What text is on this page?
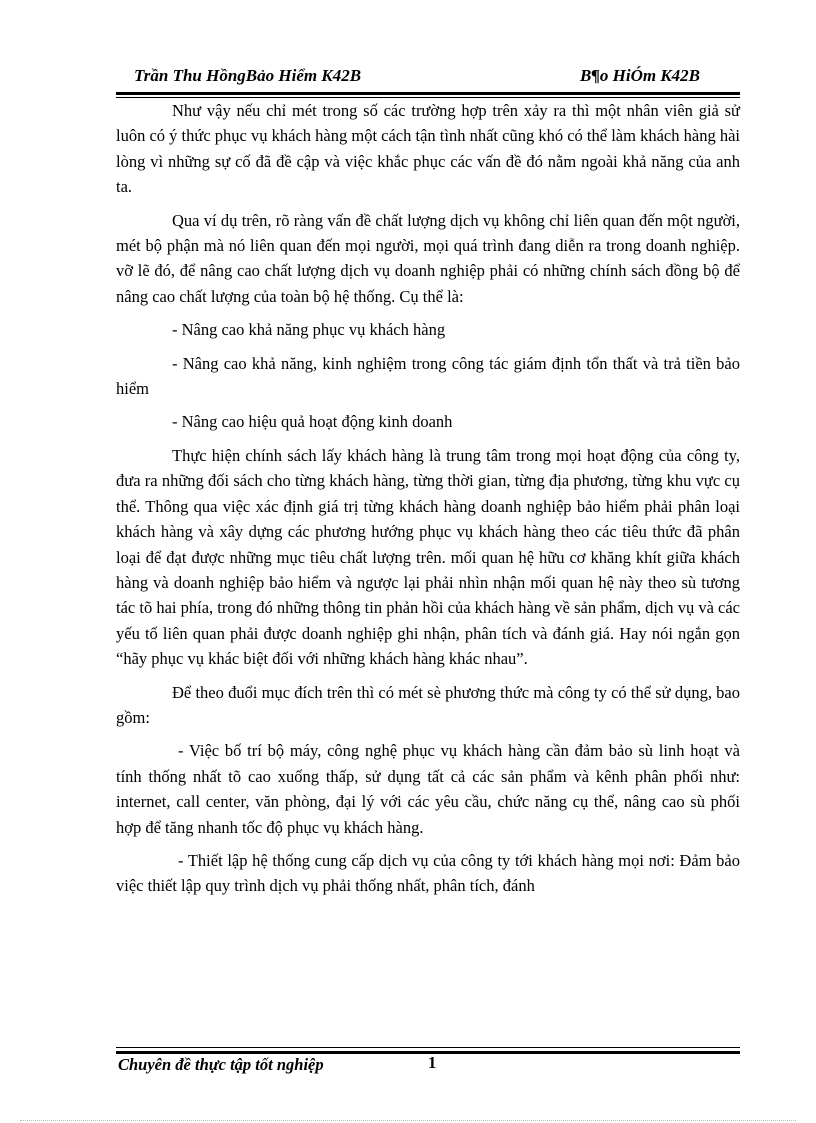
Trần Thu HồngBảo Hiểm K42B	B¶o HiÓm K42B

Như vậy nếu chỉ mét trong số các trường hợp trên xảy ra thì một nhân viên giả sử luôn có ý thức phục vụ khách hàng một cách tận tình nhất cũng khó có thể làm khách hàng hài lòng vì những sự cố đã đề cập và việc khắc phục các vấn đề đó nằm ngoài khả năng của anh ta.

Qua ví dụ trên, rõ ràng vấn đề chất lượng dịch vụ không chỉ liên quan đến một người, mét bộ phận mà nó liên quan đến mọi người, mọi quá trình đang diễn ra trong doanh nghiệp. vỡ lẽ đó, để nâng cao chất lượng dịch vụ doanh nghiệp phải có những chính sách đồng bộ để nâng cao chất lượng của toàn bộ hệ thống. Cụ thể là:

- Nâng cao khả năng phục vụ khách hàng

- Nâng cao khả năng, kinh nghiệm trong công tác giám định tổn thất và trả tiền bảo hiểm

- Nâng cao hiệu quả hoạt động kinh doanh

Thực hiện chính sách lấy khách hàng là trung tâm trong mọi hoạt động của công ty, đưa ra những đối sách cho từng khách hàng, từng thời gian, từng địa phương, từng khu vực cụ thể. Thông qua việc xác định giá trị từng khách hàng doanh nghiệp bảo hiểm phải phân loại khách hàng và xây dựng các phương hướng phục vụ khách hàng theo các tiêu thức đã phân loại để đạt được những mục tiêu chất lượng trên. mối quan hệ hữu cơ khăng khít giữa khách hàng và doanh nghiệp bảo hiểm và ngược lại phải nhìn nhận mối quan hệ này theo sù tương tác tõ hai phía, trong đó những thông tin phản hồi của khách hàng về sản phẩm, dịch vụ và các yếu tố liên quan phải được doanh nghiệp ghi nhận, phân tích và đánh giá. Hay nói ngắn gọn “hãy phục vụ khác biệt đối với những khách hàng khác nhau”.

Để theo đuổi mục đích trên thì có mét sè phương thức mà công ty có thể sử dụng, bao gồm:

- Việc bố trí bộ máy, công nghệ phục vụ khách hàng cần đảm bảo sù linh hoạt và tính thống nhất tõ cao xuống thấp, sử dụng tất cả các sản phẩm và kênh phân phối như: internet, call center, văn phòng, đại lý với các yêu cầu, chức năng cụ thể, nâng cao sù phối hợp để tăng nhanh tốc độ phục vụ khách hàng.

- Thiết lập hệ thống cung cấp dịch vụ của công ty tới khách hàng mọi nơi: Đảm bảo việc thiết lập quy trình dịch vụ phải thống nhất, phân tích, đánh

Chuyên đề thực tập tốt nghiệp	1
